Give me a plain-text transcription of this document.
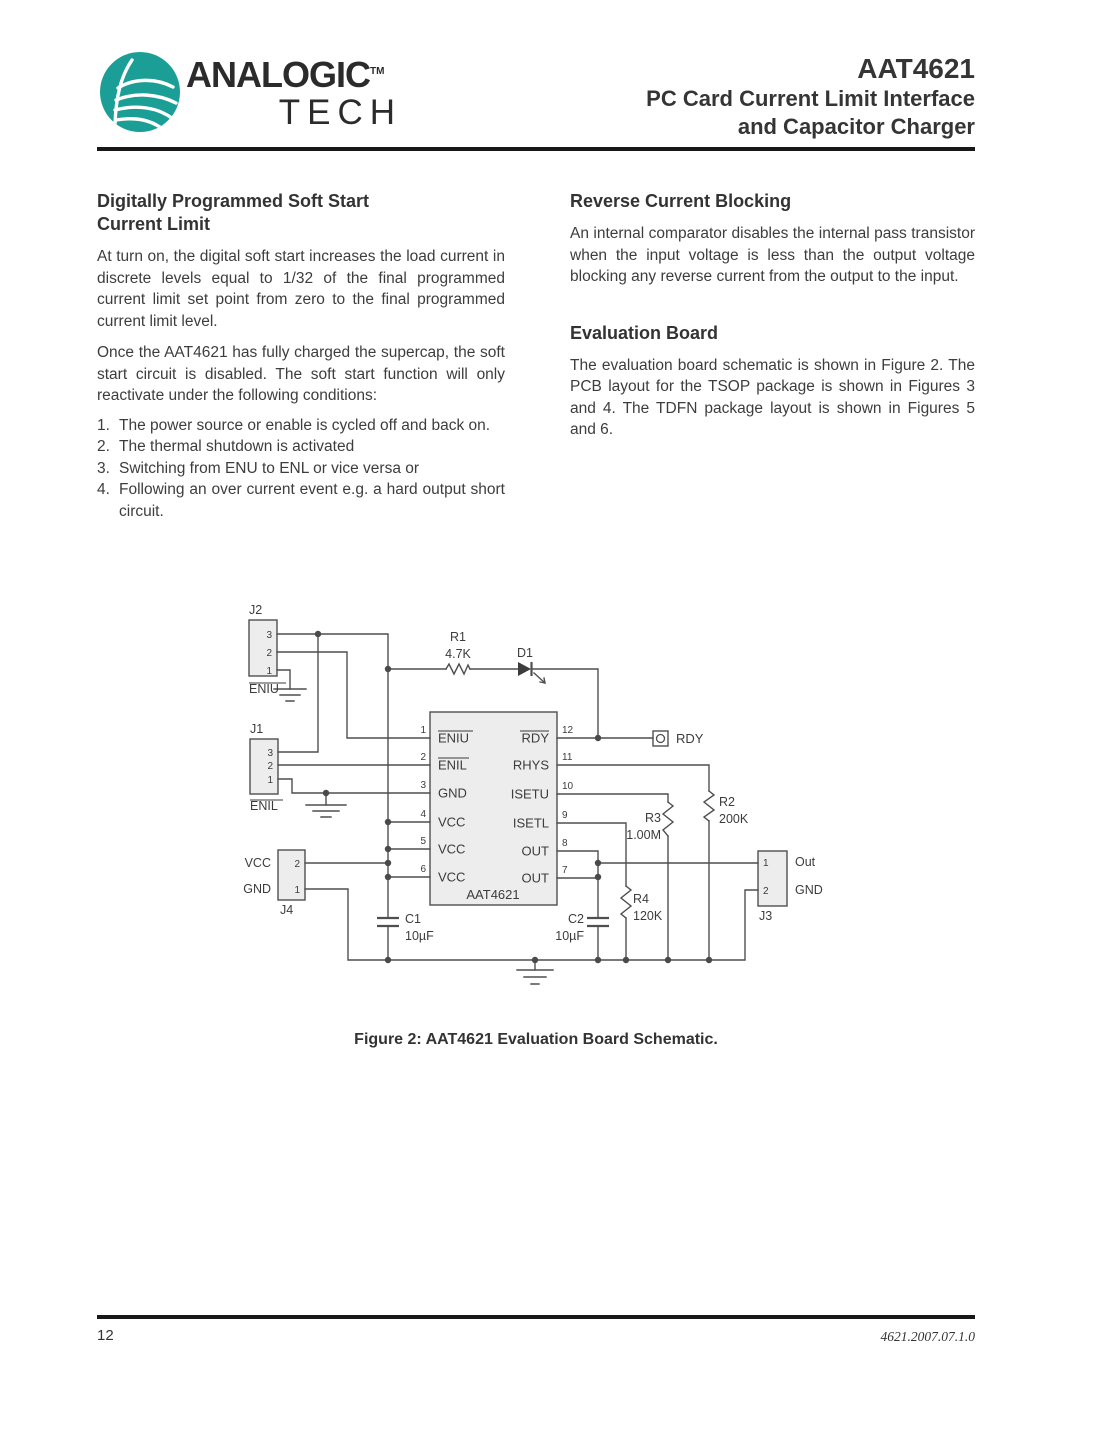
ANALOGIC™
TECH
AAT4621
PC Card Current Limit Interface
and Capacitor Charger
Digitally Programmed Soft Start
Current Limit

At turn on, the digital soft start increases the load current in discrete levels equal to 1/32 of the final programmed current limit set point from zero to the final programmed current limit level.

Once the AAT4621 has fully charged the supercap, the soft start circuit is disabled. The soft start function will only reactivate under the following conditions:

1. The power source or enable is cycled off and back on.
2. The thermal shutdown is activated
3. Switching from ENU to ENL or vice versa or
4. Following an over current event e.g. a hard output short circuit.
Reverse Current Blocking

An internal comparator disables the internal pass transistor when the input voltage is less than the output voltage blocking any reverse current from the output to the input.

Evaluation Board

The evaluation board schematic is shown in Figure 2. The PCB layout for the TSOP package is shown in Figures 3 and 4. The TDFN package layout is shown in Figures 5 and 6.

J2
3
2
1
ENIU
J1
3
2
1
ENIL
2
1
VCC
GND
J4
1
2
Out
GND
J3
RDY
1
2
3
4
5
6
12
11
10
9
8
7
ENIU
ENIL
GND
VCC
VCC
VCC
RDY
RHYS
ISETU
ISETL
OUT
OUT
AAT4621
R1
4.7K	D1
R2
200K
R3
1.00M
R4
120K
C1
10µF
C2
10µF
Figure 2: AAT4621 Evaluation Board Schematic.
12	4621.2007.07.1.0
